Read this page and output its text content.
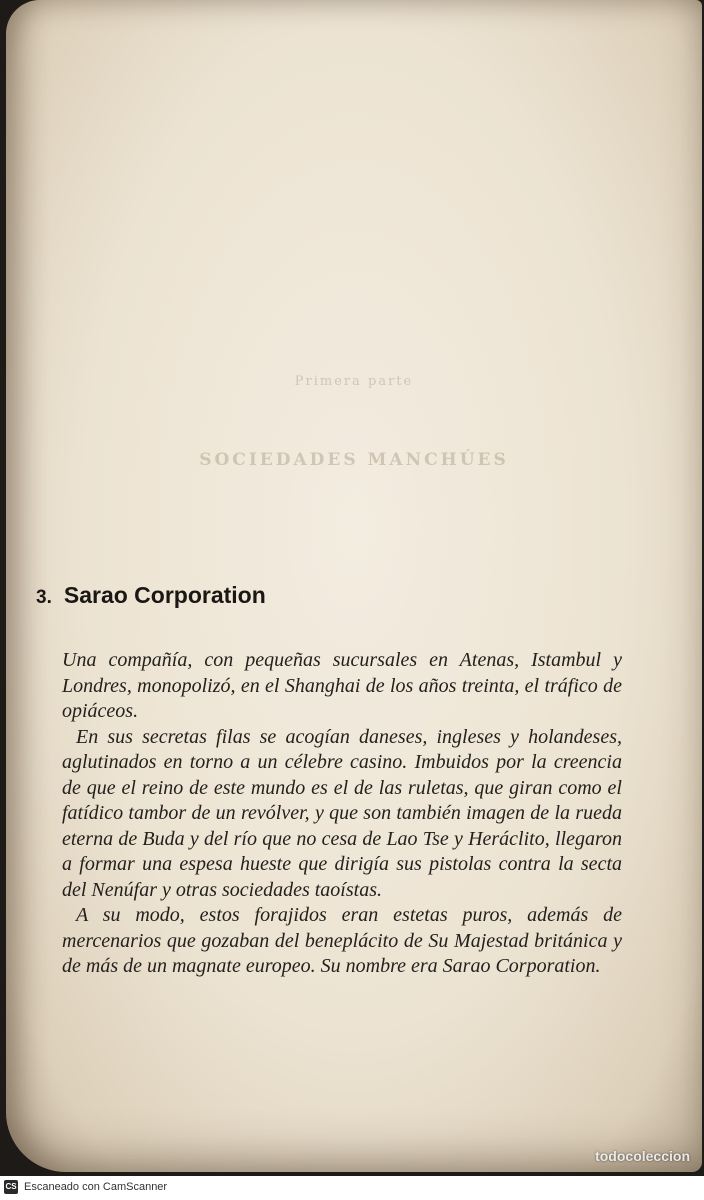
Primera parte
SOCIEDADES MANCHÚES
3. Sarao Corporation

Una compañía, con pequeñas sucursales en Atenas, Istambul y Londres, monopolizó, en el Shanghai de los años treinta, el tráfico de opiáceos.

En sus secretas filas se acogían daneses, ingleses y holandeses, aglutinados en torno a un célebre casino. Imbuidos por la creencia de que el reino de este mundo es el de las ruletas, que giran como el fatídico tambor de un revólver, y que son también imagen de la rueda eterna de Buda y del río que no cesa de Lao Tse y Heráclito, llegaron a formar una espesa hueste que dirigía sus pistolas contra la secta del Nenúfar y otras sociedades taoístas.

A su modo, estos forajidos eran estetas puros, además de mercenarios que gozaban del beneplácito de Su Majestad británica y de más de un magnate europeo. Su nombre era Sarao Corporation.

todocoleccion
CS Escaneado con CamScanner
